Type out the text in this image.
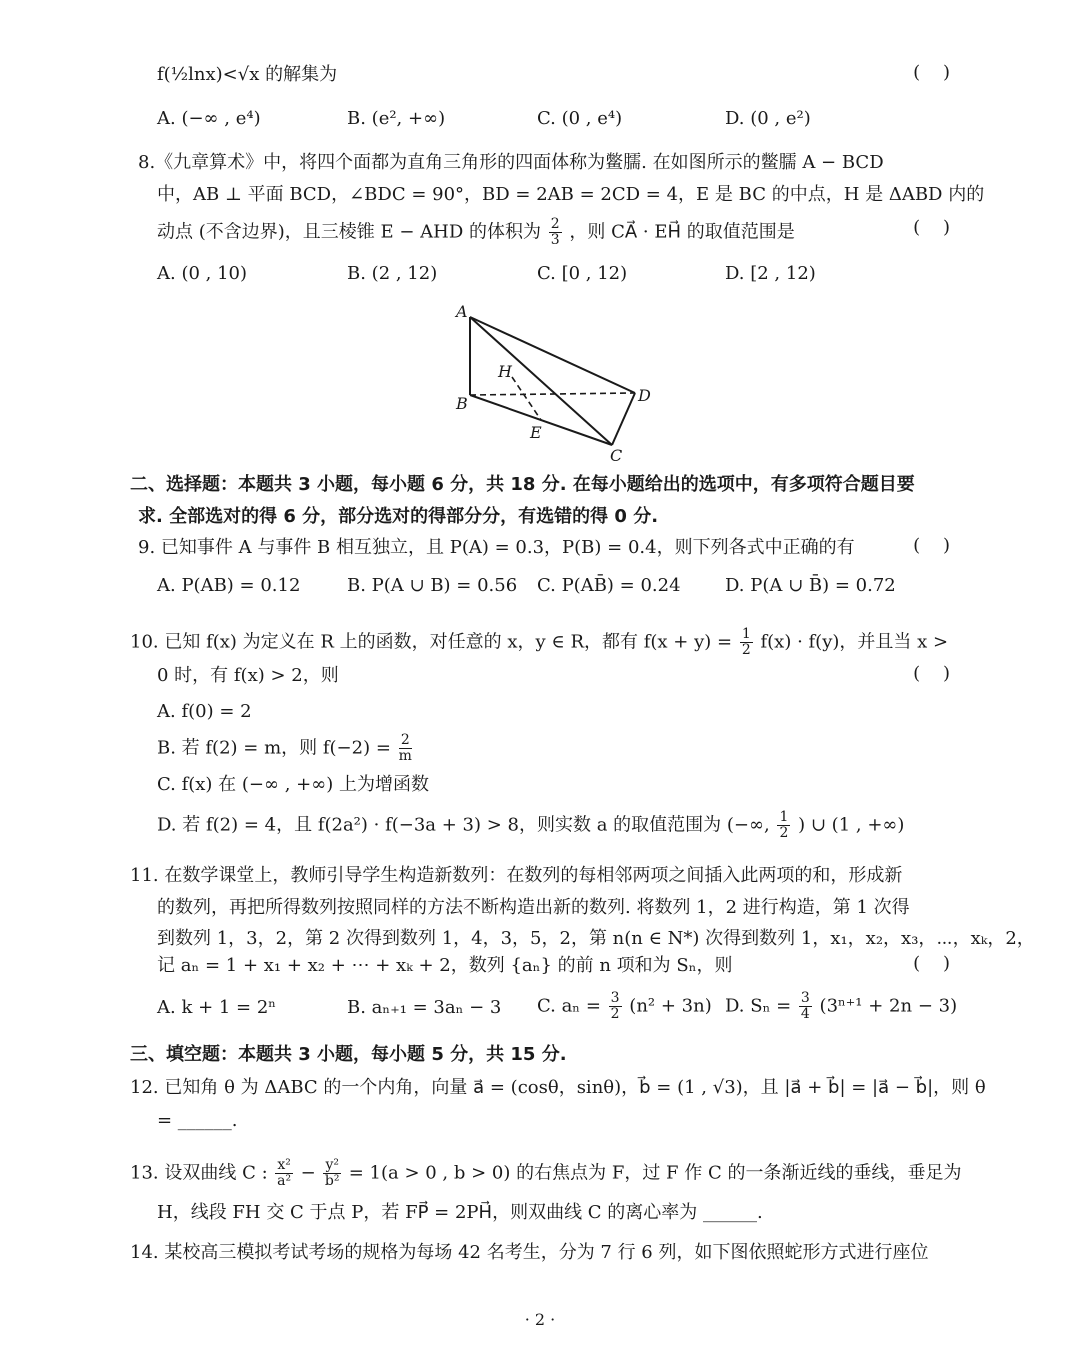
f(½lnx)<√x 的解集为	(    )
A. (−∞ , e⁴)	B. (e², +∞)	C. (0 , e⁴)	D. (0 , e²)
8.《九章算术》中，将四个面都为直角三角形的四面体称为鳖臑. 在如图所示的鳖臑 A − BCD
中，AB ⊥ 平面 BCD，∠BDC = 90°，BD = 2AB = 2CD = 4，E 是 BC 的中点，H 是 ΔABD 内的
动点 (不含边界)，且三棱锥 E − AHD 的体积为 $\frac{2}{3}$ ，则 CA⃗ · EH⃗ 的取值范围是	(    )
A. (0 , 10)	B. (2 , 12)	C. [0 , 12)	D. [2 , 12)
A
B
C
D
E
H
二、选择题：本题共 3 小题，每小题 6 分，共 18 分. 在每小题给出的选项中，有多项符合题目要
求. 全部选对的得 6 分，部分选对的得部分分，有选错的得 0 分.
9. 已知事件 A 与事件 B 相互独立，且 P(A) = 0.3，P(B) = 0.4，则下列各式中正确的有	(    )
A. P(AB) = 0.12	B. P(A ∪ B) = 0.56 C. P(AB̄) = 0.24 D. P(A ∪ B̄) = 0.72
10. 已知 f(x) 为定义在 R 上的函数，对任意的 x，y ∈ R，都有 $f(x + y) = \frac{1}{2} f(x) \cdot f(y)$，并且当 x >
0 时，有 f(x) > 2，则	(    )
A. f(0) = 2
B. 若 f(2) = m，则 $f(-2) = \frac{2}{m}$
C. f(x) 在 (−∞ , +∞) 上为增函数
D. 若 f(2) = 4，且 f(2a²) · f(−3a + 3) > 8，则实数 a 的取值范围为 (−∞, $\frac{1}{2}$ ) ∪ (1 , +∞)
11. 在数学课堂上，教师引导学生构造新数列：在数列的每相邻两项之间插入此两项的和，形成新
的数列，再把所得数列按照同样的方法不断构造出新的数列. 将数列 1，2 进行构造，第 1 次得
到数列 1，3，2，第 2 次得到数列 1，4，3，5，2，第 n(n ∈ N*) 次得到数列 1，x₁，x₂，x₃，⋯，xₖ，2，
记 aₙ = 1 + x₁ + x₂ + ⋯ + xₖ + 2，数列 {aₙ} 的前 n 项和为 Sₙ，则	(    )
A. k + 1 = 2ⁿ	B. aₙ₊₁ = 3aₙ − 3 C. $a_n = \frac{3}{2} (n^2 + 3n)$ D. $S_n = \frac{3}{4} (3^{n+1} + 2n - 3)$
三、填空题：本题共 3 小题，每小题 5 分，共 15 分.
12. 已知角 θ 为 ΔABC 的一个内角，向量 a⃗ = (cosθ，sinθ)，b⃗ = (1 , √3)，且 |a⃗ + b⃗| = |a⃗ − b⃗|，则 θ
= ______.
13. 设双曲线 C : $\frac{\text{x²}}{\text{a²}} - \frac{\text{y²}}{\text{b²}} = 1(a > 0$ , b > 0) 的右焦点为 F，过 F 作 C 的一条渐近线的垂线，垂足为
H，线段 FH 交 C 于点 P，若 FP⃗ = 2PH⃗，则双曲线 C 的离心率为 ______.
14. 某校高三模拟考试考场的规格为每场 42 名考生，分为 7 行 6 列，如下图依照蛇形方式进行座位
· 2 ·
